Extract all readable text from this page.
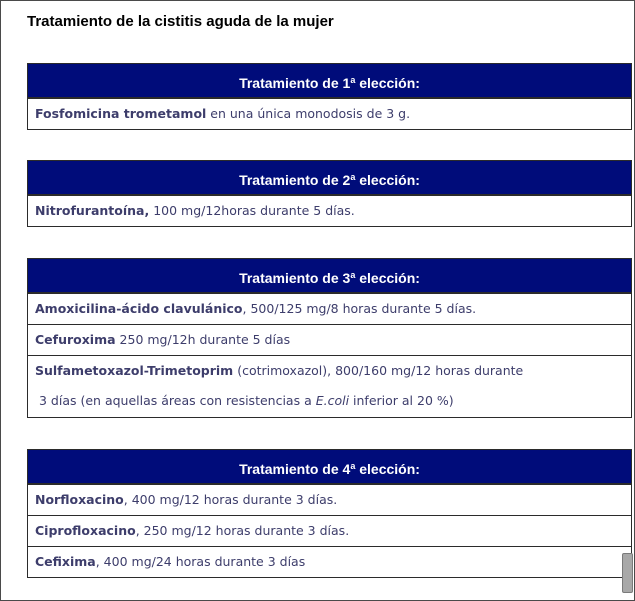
Tratamiento de la cistitis aguda de la mujer
Tratamiento de 1$^a$ elección:
Fosfomicina trometamol en una única monodosis de 3 g.
Tratamiento de 2$^a$ elección:
Nitrofurantoína, 100 mg/12horas durante 5 días.
Tratamiento de 3$^a$ elección:
Amoxicilina-ácido clavulánico, 500/125 mg/8 horas durante 5 días.
Cefuroxima 250 mg/12h durante 5 días
Sulfametoxazol-Trimetoprim (cotrimoxazol), 800/160 mg/12 horas durante
3 días (en aquellas áreas con resistencias a E.coli inferior al 20 %)
Tratamiento de 4$^a$ elección:
Norfloxacino, 400 mg/12 horas durante 3 días.
Ciprofloxacino, 250 mg/12 horas durante 3 días.
Cefixima, 400 mg/24 horas durante 3 días
